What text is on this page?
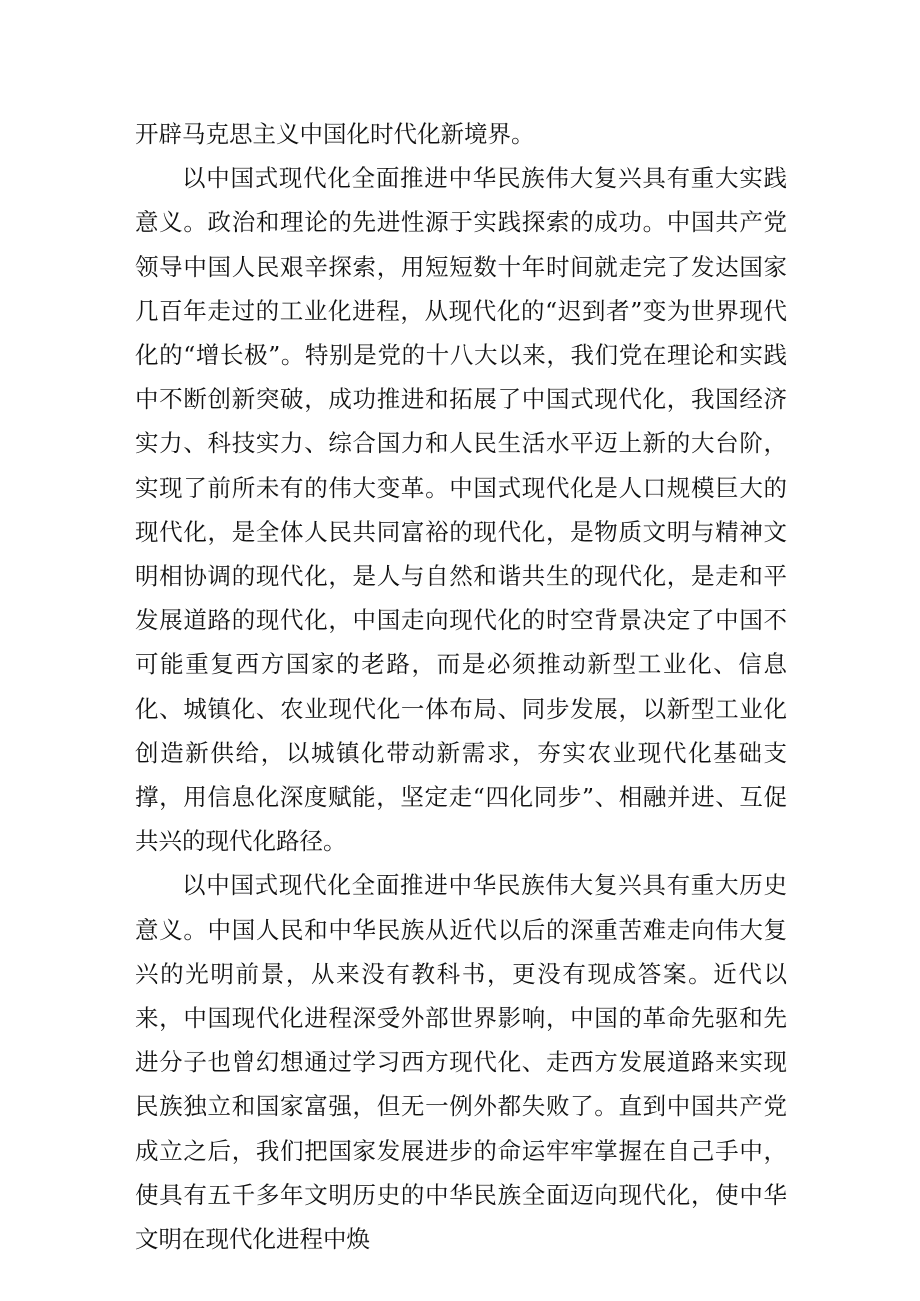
开辟马克思主义中国化时代化新境界。

以中国式现代化全面推进中华民族伟大复兴具有重大实践意义。政治和理论的先进性源于实践探索的成功。中国共产党领导中国人民艰辛探索，用短短数十年时间就走完了发达国家几百年走过的工业化进程，从现代化的“迟到者”变为世界现代化的“增长极”。特别是党的十八大以来，我们党在理论和实践中不断创新突破，成功推进和拓展了中国式现代化，我国经济实力、科技实力、综合国力和人民生活水平迈上新的大台阶，实现了前所未有的伟大变革。中国式现代化是人口规模巨大的现代化，是全体人民共同富裕的现代化，是物质文明与精神文明相协调的现代化，是人与自然和谐共生的现代化，是走和平发展道路的现代化，中国走向现代化的时空背景决定了中国不可能重复西方国家的老路，而是必须推动新型工业化、信息化、城镇化、农业现代化一体布局、同步发展，以新型工业化创造新供给，以城镇化带动新需求，夯实农业现代化基础支撑，用信息化深度赋能，坚定走“四化同步”、相融并进、互促共兴的现代化路径。

以中国式现代化全面推进中华民族伟大复兴具有重大历史意义。中国人民和中华民族从近代以后的深重苦难走向伟大复兴的光明前景，从来没有教科书，更没有现成答案。近代以来，中国现代化进程深受外部世界影响，中国的革命先驱和先进分子也曾幻想通过学习西方现代化、走西方发展道路来实现民族独立和国家富强，但无一例外都失败了。直到中国共产党成立之后，我们把国家发展进步的命运牢牢掌握在自己手中，使具有五千多年文明历史的中华民族全面迈向现代化，使中华文明在现代化进程中焕
